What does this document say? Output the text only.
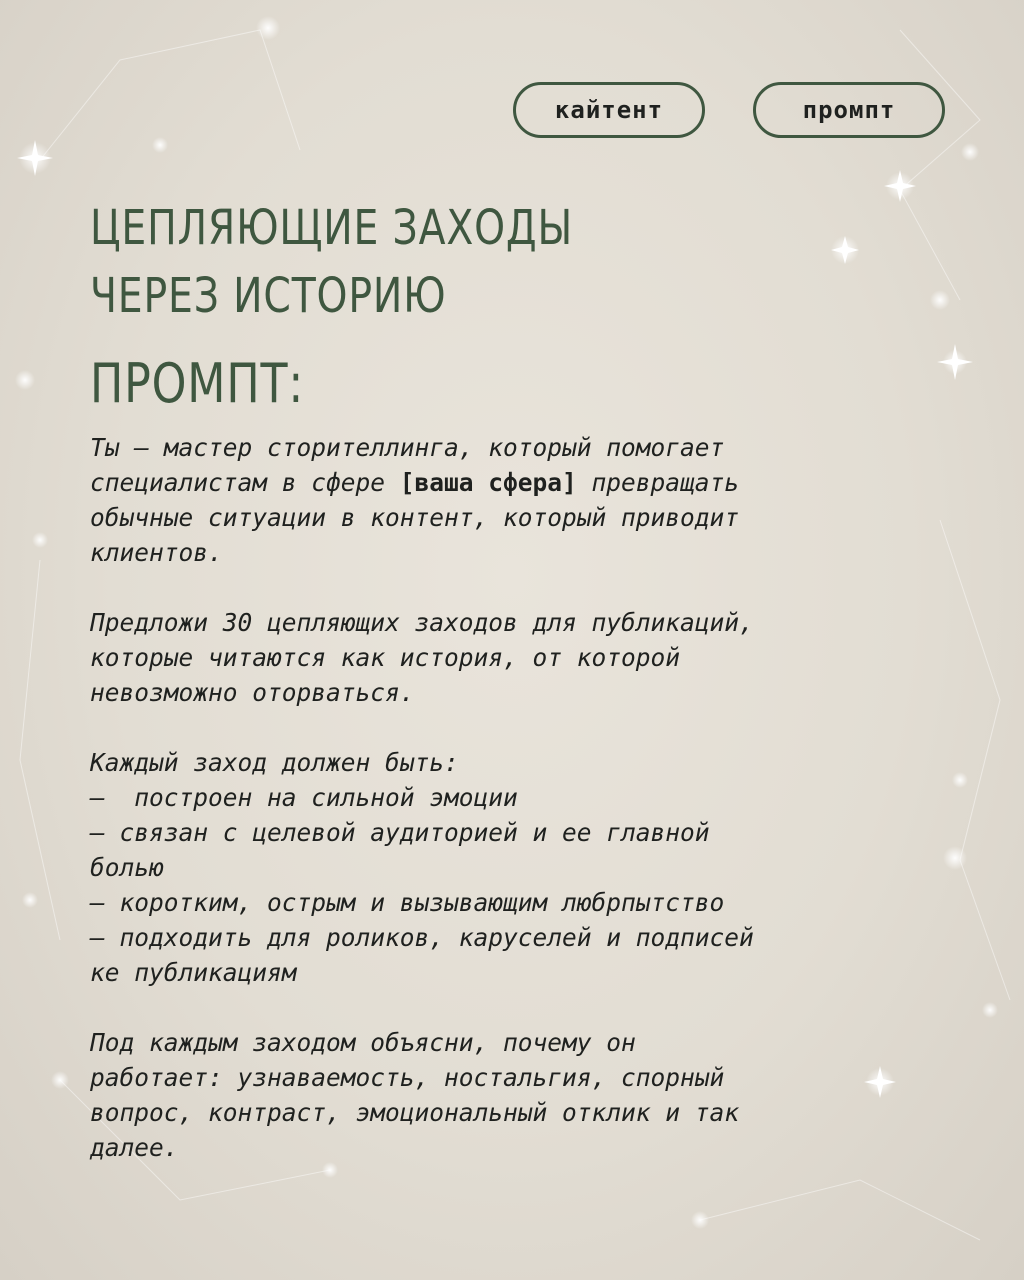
кайтент	промпт
ЦЕПЛЯЮЩИЕ ЗАХОДЫ
ЧЕРЕЗ ИСТОРИЮ
ПРОМПТ:
Ты – мастер сторителлинга, который помогает
специалистам в сфере [ваша сфера] превращать
обычные ситуации в контент, который приводит
клиентов.
Предложи 30 цепляющих заходов для публикаций,
которые читаются как история, от которой
невозможно оторваться.
Каждый заход должен быть:
–  построен на сильной эмоции
– связан с целевой аудиторией и ее главной
болью
– коротким, острым и вызывающим любрпытство
– подходить для роликов, каруселей и подписей
ке публикациям
Под каждым заходом объясни, почему он
работает: узнаваемость, ностальгия, спорный
вопрос, контраст, эмоциональный отклик и так
далее.
